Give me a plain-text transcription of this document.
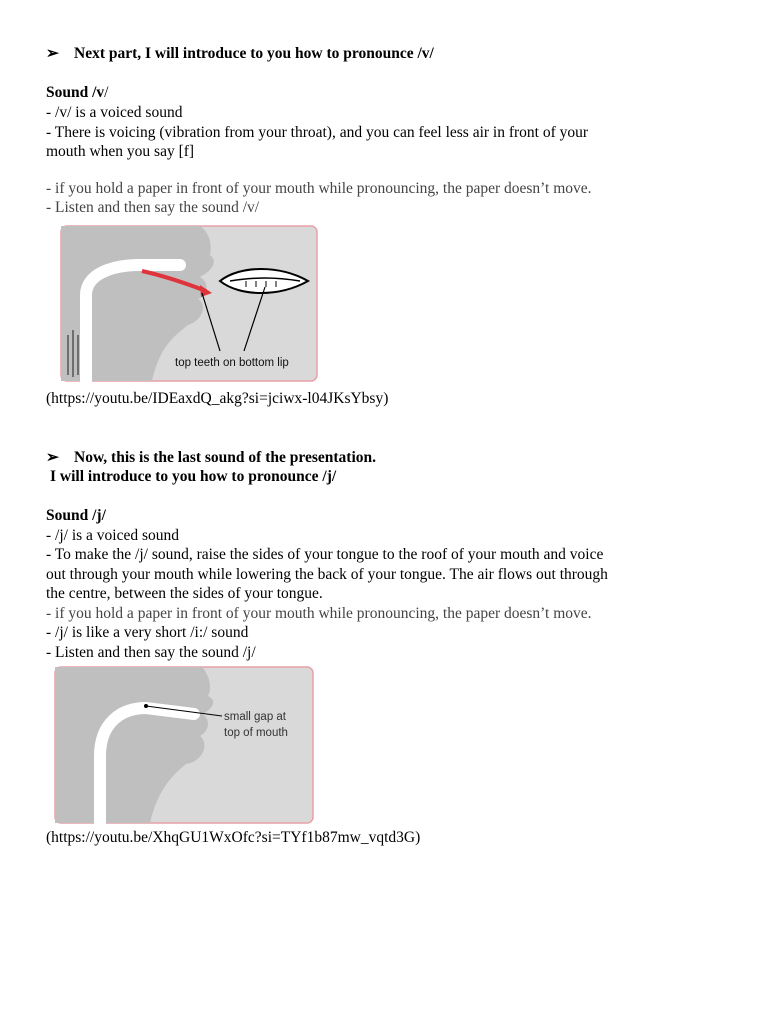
➢ Next part, I will introduce to you how to pronounce /v/
Sound /v/
- /v/ is a voiced sound
- There is voicing (vibration from your throat), and you can feel less air in front of your
mouth when you say [f]
- if you hold a paper in front of your mouth while pronouncing, the paper doesn’t move.
- Listen and then say the sound /v/
top teeth on bottom lip
(https://youtu.be/IDEaxdQ_akg?si=jciwx-l04JKsYbsy)
➢ Now, this is the last sound of the presentation.
I will introduce to you how to pronounce /j/
Sound /j/
- /j/ is a voiced sound
- To make the /j/ sound, raise the sides of your tongue to the roof of your mouth and voice
out through your mouth while lowering the back of your tongue. The air flows out through
the centre, between the sides of your tongue.
- if you hold a paper in front of your mouth while pronouncing, the paper doesn’t move.
- /j/ is like a very short /i:/ sound
- Listen and then say the sound /j/
small gap at
top of mouth
(https://youtu.be/XhqGU1WxOfc?si=TYf1b87mw_vqtd3G)
